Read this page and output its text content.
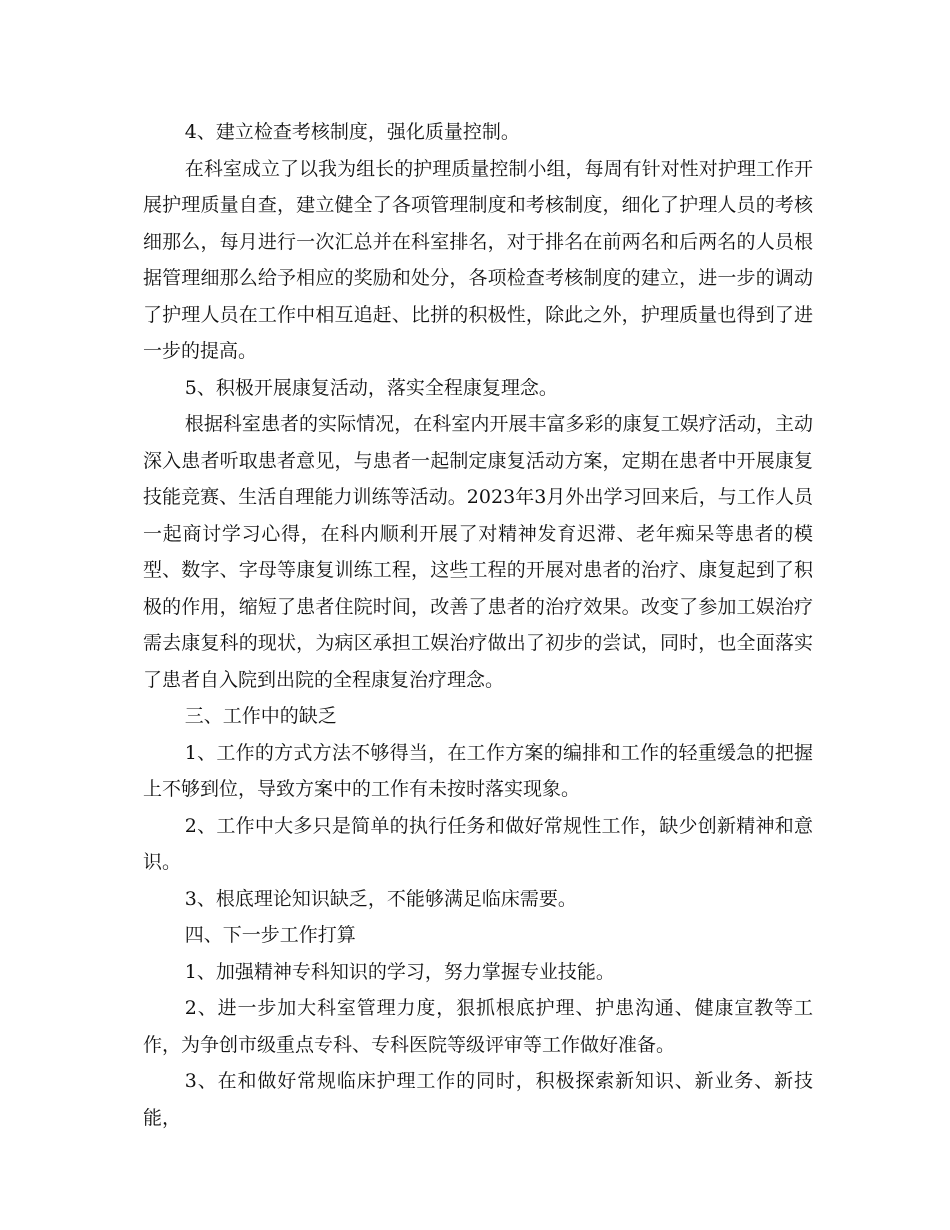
4、建立检查考核制度，强化质量控制。

在科室成立了以我为组长的护理质量控制小组，每周有针对性对护理工作开展护理质量自查，建立健全了各项管理制度和考核制度，细化了护理人员的考核细那么，每月进行一次汇总并在科室排名，对于排名在前两名和后两名的人员根据管理细那么给予相应的奖励和处分，各项检查考核制度的建立，进一步的调动了护理人员在工作中相互追赶、比拼的积极性，除此之外，护理质量也得到了进一步的提高。

5、积极开展康复活动，落实全程康复理念。

根据科室患者的实际情况，在科室内开展丰富多彩的康复工娱疗活动，主动深入患者听取患者意见，与患者一起制定康复活动方案，定期在患者中开展康复技能竞赛、生活自理能力训练等活动。2023年3月外出学习回来后，与工作人员一起商讨学习心得，在科内顺利开展了对精神发育迟滞、老年痴呆等患者的模型、数字、字母等康复训练工程，这些工程的开展对患者的治疗、康复起到了积极的作用，缩短了患者住院时间，改善了患者的治疗效果。改变了参加工娱治疗需去康复科的现状，为病区承担工娱治疗做出了初步的尝试，同时，也全面落实了患者自入院到出院的全程康复治疗理念。

三、工作中的缺乏

1、工作的方式方法不够得当，在工作方案的编排和工作的轻重缓急的把握上不够到位，导致方案中的工作有未按时落实现象。

2、工作中大多只是简单的执行任务和做好常规性工作，缺少创新精神和意识。

3、根底理论知识缺乏，不能够满足临床需要。

四、下一步工作打算

1、加强精神专科知识的学习，努力掌握专业技能。

2、进一步加大科室管理力度，狠抓根底护理、护患沟通、健康宣教等工作，为争创市级重点专科、专科医院等级评审等工作做好准备。

3、在和做好常规临床护理工作的同时，积极探索新知识、新业务、新技能，
